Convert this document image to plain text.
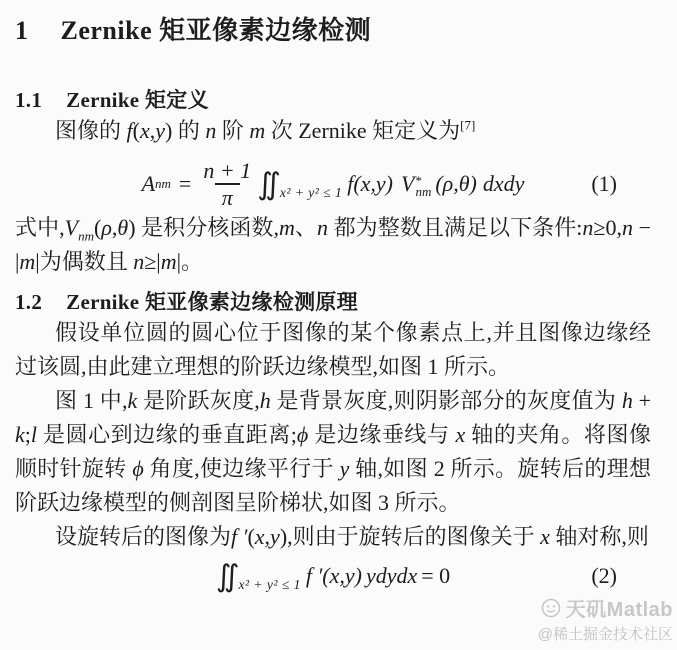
1 Zernike 矩亚像素边缘检测
1.1 Zernike 矩定义

图像的 f(x,y) 的 n 阶 m 次 Zernike 矩定义为[7]

A nm = $\frac{n + 1}{\pi}$ ∬ x² + y² ≤ 1 f(x,y) V *
nm (ρ,θ) dxdy	(1)

式中$,V_{nm}(\rho,\theta)$ 是积分核函数,m、n 都为整数且满足以下条件:n≥0,n − |m|为偶数且 n≥|m|。

1.2 Zernike 矩亚像素边缘检测原理

假设单位圆的圆心位于图像的某个像素点上,并且图像边缘经过该圆,由此建立理想的阶跃边缘模型,如图 1 所示。

图 1 中,k 是阶跃灰度,h 是背景灰度,则阴影部分的灰度值为 h + k;l 是圆心到边缘的垂直距离;ϕ 是边缘垂线与 x 轴的夹角。将图像顺时针旋转 ϕ 角度,使边缘平行于 y 轴,如图 2 所示。旋转后的理想阶跃边缘模型的侧剖图呈阶梯状,如图 3 所示。

设旋转后的图像为f ′(x,y),则由于旋转后的图像关于 x 轴对称,则

∬ x² + y² ≤ 1 f ′(x,y) ydydx = 0	(2)
天矶Matlab
@稀土掘金技术社区
